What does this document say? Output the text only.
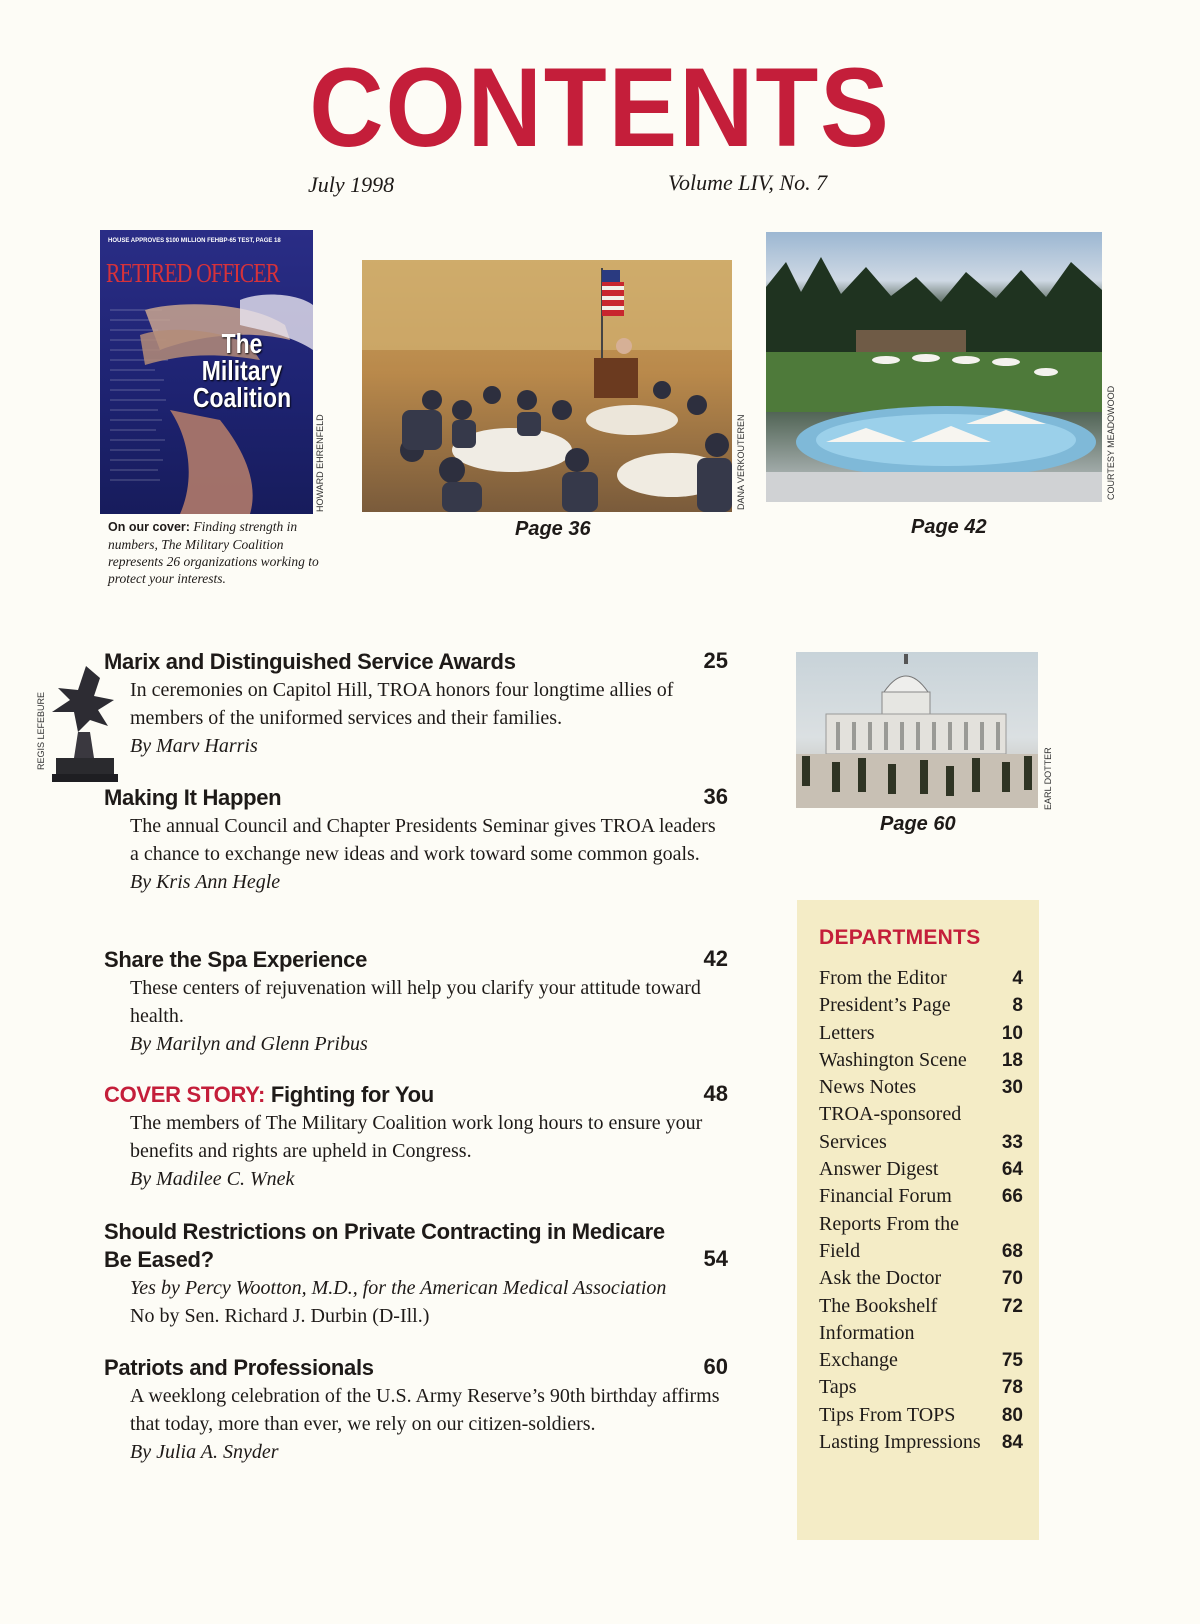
CONTENTS
July 1998	Volume LIV, No. 7
HOUSE APPROVES $100 MILLION FEHBP-65 TEST, PAGE 18
RETIRED OFFICER
The
Military
Coalition
HOWARD EHRENFELD
On our cover: Finding strength in numbers, The Military Coalition represents 26 organizations working to protect your interests.
DANA VERKOUTEREN
Page 36
COURTESY MEADOWOOD
Page 42
REGIS LEFEBURE
EARL DOTTER
Page 60
Marix and Distinguished Service Awards	25
In ceremonies on Capitol Hill, TROA honors four longtime allies of members of the uniformed services and their families.
By Marv Harris
Making It Happen	36
The annual Council and Chapter Presidents Seminar gives TROA leaders a chance to exchange new ideas and work toward some common goals.
By Kris Ann Hegle
Share the Spa Experience	42
These centers of rejuvenation will help you clarify your attitude toward health.
By Marilyn and Glenn Pribus
COVER STORY: Fighting for You	48
The members of The Military Coalition work long hours to ensure your benefits and rights are upheld in Congress.
By Madilee C. Wnek
Should Restrictions on Private Contracting in Medicare
Be Eased?	54
Yes by Percy Wootton, M.D., for the American Medical Association
No by Sen. Richard J. Durbin (D-Ill.)
Patriots and Professionals	60
A weeklong celebration of the U.S. Army Reserve’s 90th birthday affirms that today, more than ever, we rely on our citizen-soldiers.
By Julia A. Snyder
DEPARTMENTS
From the Editor	4
President’s Page	8
Letters	10
Washington Scene	18
News Notes	30
TROA-sponsored Services	33
Answer Digest	64
Financial Forum	66
Reports From the Field	68
Ask the Doctor	70
The Bookshelf	72
Information Exchange	75
Taps	78
Tips From TOPS	80
Lasting Impressions	84
